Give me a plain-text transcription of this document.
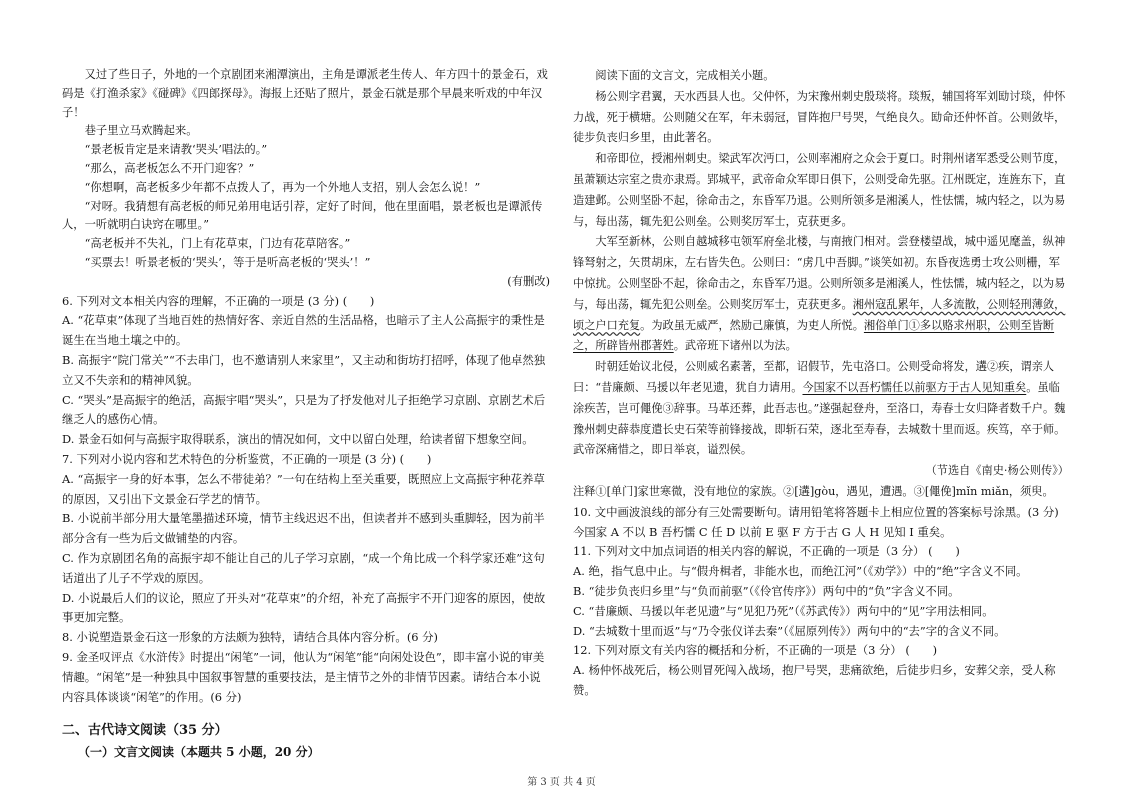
又过了些日子，外地的一个京剧团来湘潭演出，主角是谭派老生传人、年方四十的景金石，戏码是《打渔杀家》《碰碑》《四郎探母》。海报上还贴了照片，景金石就是那个早晨来听戏的中年汉子！

巷子里立马欢腾起来。

“景老板肯定是来请教‘哭头’唱法的。”

“那么，高老板怎么不开门迎客？”

“你想啊，高老板多少年都不点拨人了，再为一个外地人支招，别人会怎么说！”

“对呀。我猜想有高老板的师兄弟用电话引荐，定好了时间，他在里面唱，景老板也是谭派传人，一听就明白诀窍在哪里。”

“高老板并不失礼，门上有花草束，门边有花草陪客。”

“买票去！听景老板的‘哭头’，等于是听高老板的‘哭头’！”

(有删改)

6. 下列对文本相关内容的理解，不正确的一项是 (3 分) (　　)

A. “花草束”体现了当地百姓的热情好客、亲近自然的生活品格，也暗示了主人公高振宇的秉性是诞生在当地土壤之中的。

B. 高振宇“院门常关”“不去串门，也不邀请别人来家里”，又主动和街坊打招呼，体现了他卓然独立又不失亲和的精神风貌。

C. “哭头”是高振宇的绝活，高振宇唱“哭头”，只是为了抒发他对儿子拒绝学习京剧、京剧艺术后继乏人的感伤心情。

D. 景金石如何与高振宇取得联系，演出的情况如何，文中以留白处理，给读者留下想象空间。

7. 下列对小说内容和艺术特色的分析鉴赏，不正确的一项是 (3 分) (　　)

A. “高振宇一身的好本事，怎么不带徒弟？”一句在结构上至关重要，既照应上文高振宇种花养草的原因，又引出下文景金石学艺的情节。

B. 小说前半部分用大量笔墨描述环境，情节主线迟迟不出，但读者并不感到头重脚轻，因为前半部分含有一些为后文做铺垫的内容。

C. 作为京剧团名角的高振宇却不能让自己的儿子学习京剧，“成一个角比成一个科学家还难”这句话道出了儿子不学戏的原因。

D. 小说最后人们的议论，照应了开头对“花草束”的介绍，补充了高振宇不开门迎客的原因，使故事更加完整。

8. 小说塑造景金石这一形象的方法颇为独特，请结合具体内容分析。(6 分)

9. 金圣叹评点《水浒传》时提出“闲笔”一词，他认为“闲笔”能“向闲处设色”，即丰富小说的审美情趣。“闲笔”是一种独具中国叙事智慧的重要技法，是主情节之外的非情节因素。请结合本小说内容具体谈谈“闲笔”的作用。(6 分)

二、古代诗文阅读（35 分）
（一）文言文阅读（本题共 5 小题，20 分）

阅读下面的文言文，完成相关小题。

杨公则字君翼，天水西县人也。父仲怀，为宋豫州刺史殷琰将。琰叛，辅国将军刘劻讨琰，仲怀力战，死于横塘。公则随父在军，年未弱冠，冒阵抱尸号哭，气绝良久。劻命还仲怀首。公则敛毕，徒步负丧归乡里，由此著名。

和帝即位，授湘州刺史。梁武军次沔口，公则率湘府之众会于夏口。时荆州诸军悉受公则节度，虽萧颖达宗室之贵亦隶焉。郢城平，武帝命众军即日俱下，公则受命先驱。江州既定，连旌东下，直造建邺。公则坚卧不起，徐命击之，东昏军乃退。公则所领多是湘溪人，性怯懦，城内轻之，以为易与，每出荡，辄先犯公则垒。公则奖厉军士，克获更多。

大军至新林，公则自越城移屯领军府垒北楼，与南掖门相对。尝登楼望战，城中遥见麾盖，纵神锋弩射之，矢贯胡床，左右皆失色。公则曰：“虏几中吾脚。”谈笑如初。东昏夜选勇士攻公则栅，军中惊扰。公则坚卧不起，徐命击之，东昏军乃退。公则所领多是湘溪人，性怯懦，城内轻之，以为易与，每出荡，辄先犯公则垒。公则奖厉军士，克获更多。湘州寇乱累年，人多流散，公则轻刑薄敛，顷之户口充复。为政虽无威严，然励己廉慎，为吏人所悦。湘俗单门①多以赂求州职，公则至皆断之，所辟皆州郡著姓。武帝班下诸州以为法。

时朝廷始议北侵，公则威名素著，至都，诏假节，先屯洛口。公则受命将发，遘②疾，谓亲人曰：“昔廉颇、马援以年老见遗，犹自力请用。今国家不以吾朽懦任以前驱方于古人见知重矣。虽临涂疾苦，岂可僶俛③辞事。马革还葬，此吾志也。”遂强起登舟，至洛口，寿春士女归降者数千户。魏豫州刺史薛恭度遣长史石荣等前锋接战，即斩石荣，逐北至寿春，去城数十里而返。疾笃，卒于师。武帝深痛惜之，即日举哀，谥烈侯。

（节选自《南史·杨公则传》）

注释①[单门]家世寒微，没有地位的家族。②[遘]gòu，遇见，遭遇。③[僶俛]mǐn miǎn，须臾。

10. 文中画波浪线的部分有三处需要断句。请用铅笔将答题卡上相应位置的答案标号涂黑。(3 分)

今国家 A 不以 B 吾朽懦 C 任 D 以前 E 驱 F 方于古 G 人 H 见知 I 重矣。

11. 下列对文中加点词语的相关内容的解说，不正确的一项是（3 分） (　　)

A. 绝，指气息中止。与“假舟楫者，非能水也，而绝江河”（《劝学》）中的“绝”字含义不同。

B. “徒步负丧归乡里”与“负而前驱”（《伶官传序》）两句中的“负”字含义不同。

C. “昔廉颇、马援以年老见遗”与“见犯乃死”（《苏武传》）两句中的“见”字用法相同。

D. “去城数十里而返”与“乃令张仪详去秦”（《屈原列传》）两句中的“去”字的含义不同。

12. 下列对原文有关内容的概括和分析，不正确的一项是（3 分） (　　)

A. 杨仲怀战死后，杨公则冒死闯入战场，抱尸号哭，悲痛欲绝，后徒步归乡，安葬父亲，受人称赞。

第 3 页 共 4 页
